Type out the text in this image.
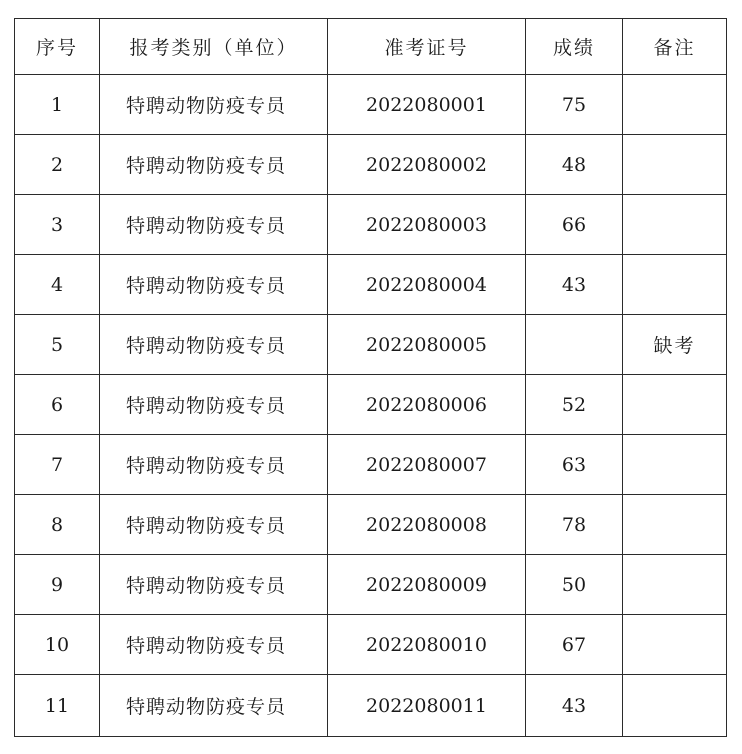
序号	报考类别（单位）	准考证号	成绩	备注
1	特聘动物防疫专员	2022080001	75	
2	特聘动物防疫专员	2022080002	48	
3	特聘动物防疫专员	2022080003	66	
4	特聘动物防疫专员	2022080004	43	
5	特聘动物防疫专员	2022080005		缺考
6	特聘动物防疫专员	2022080006	52	
7	特聘动物防疫专员	2022080007	63	
8	特聘动物防疫专员	2022080008	78	
9	特聘动物防疫专员	2022080009	50	
10	特聘动物防疫专员	2022080010	67	
11	特聘动物防疫专员	2022080011	43	
